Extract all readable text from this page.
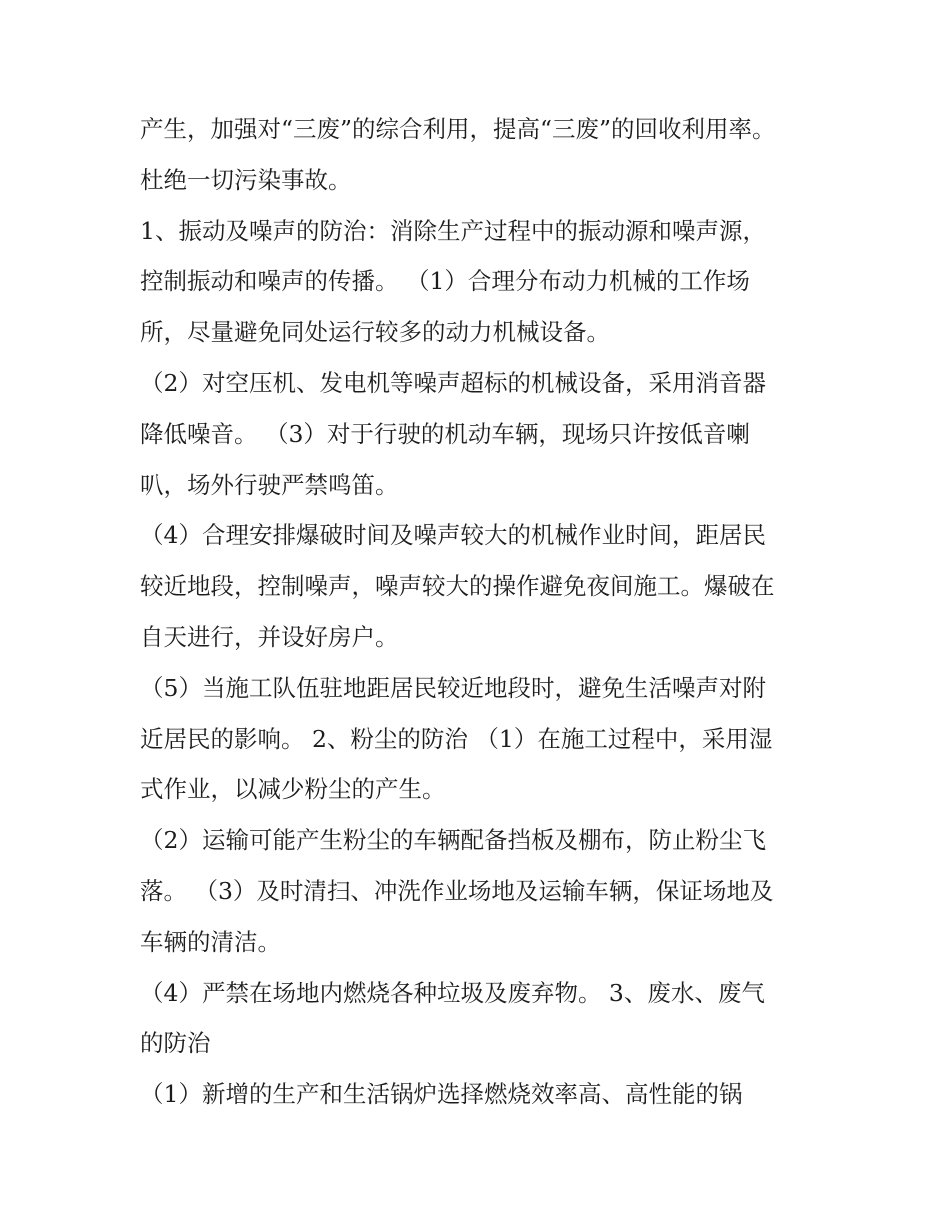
产生，加强对“三废”的综合利用，提高“三废”的回收利用率。
杜绝一切污染事故。
1、振动及噪声的防治：消除生产过程中的振动源和噪声源，
控制振动和噪声的传播。 （1）合理分布动力机械的工作场
所，尽量避免同处运行较多的动力机械设备。
（2）对空压机、发电机等噪声超标的机械设备，采用消音器
降低噪音。 （3）对于行驶的机动车辆，现场只许按低音喇
叭，场外行驶严禁鸣笛。
（4）合理安排爆破时间及噪声较大的机械作业时间，距居民
较近地段，控制噪声，噪声较大的操作避免夜间施工。爆破在
自天进行，并设好房户。
（5）当施工队伍驻地距居民较近地段时，避免生活噪声对附
近居民的影响。 2、粉尘的防治 （1）在施工过程中，采用湿
式作业，以减少粉尘的产生。
（2）运输可能产生粉尘的车辆配备挡板及棚布，防止粉尘飞
落。 （3）及时清扫、冲洗作业场地及运输车辆，保证场地及
车辆的清洁。
（4）严禁在场地内燃烧各种垃圾及废弃物。 3、废水、废气
的防治
（1）新增的生产和生活锅炉选择燃烧效率高、高性能的锅
